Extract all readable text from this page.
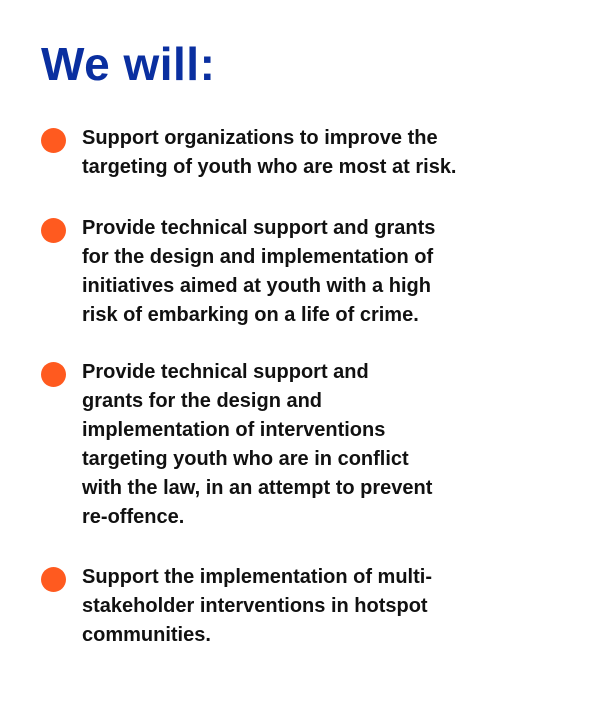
We will:
Support organizations to improve the
targeting of youth who are most at risk.
Provide technical support and grants
for the design and implementation of
initiatives aimed at youth with a high
risk of embarking on a life of crime.
Provide technical support and
grants for the design and
implementation of interventions
targeting youth who are in conflict
with the law, in an attempt to prevent
re-offence.
Support the implementation of multi-
stakeholder interventions in hotspot
communities.
